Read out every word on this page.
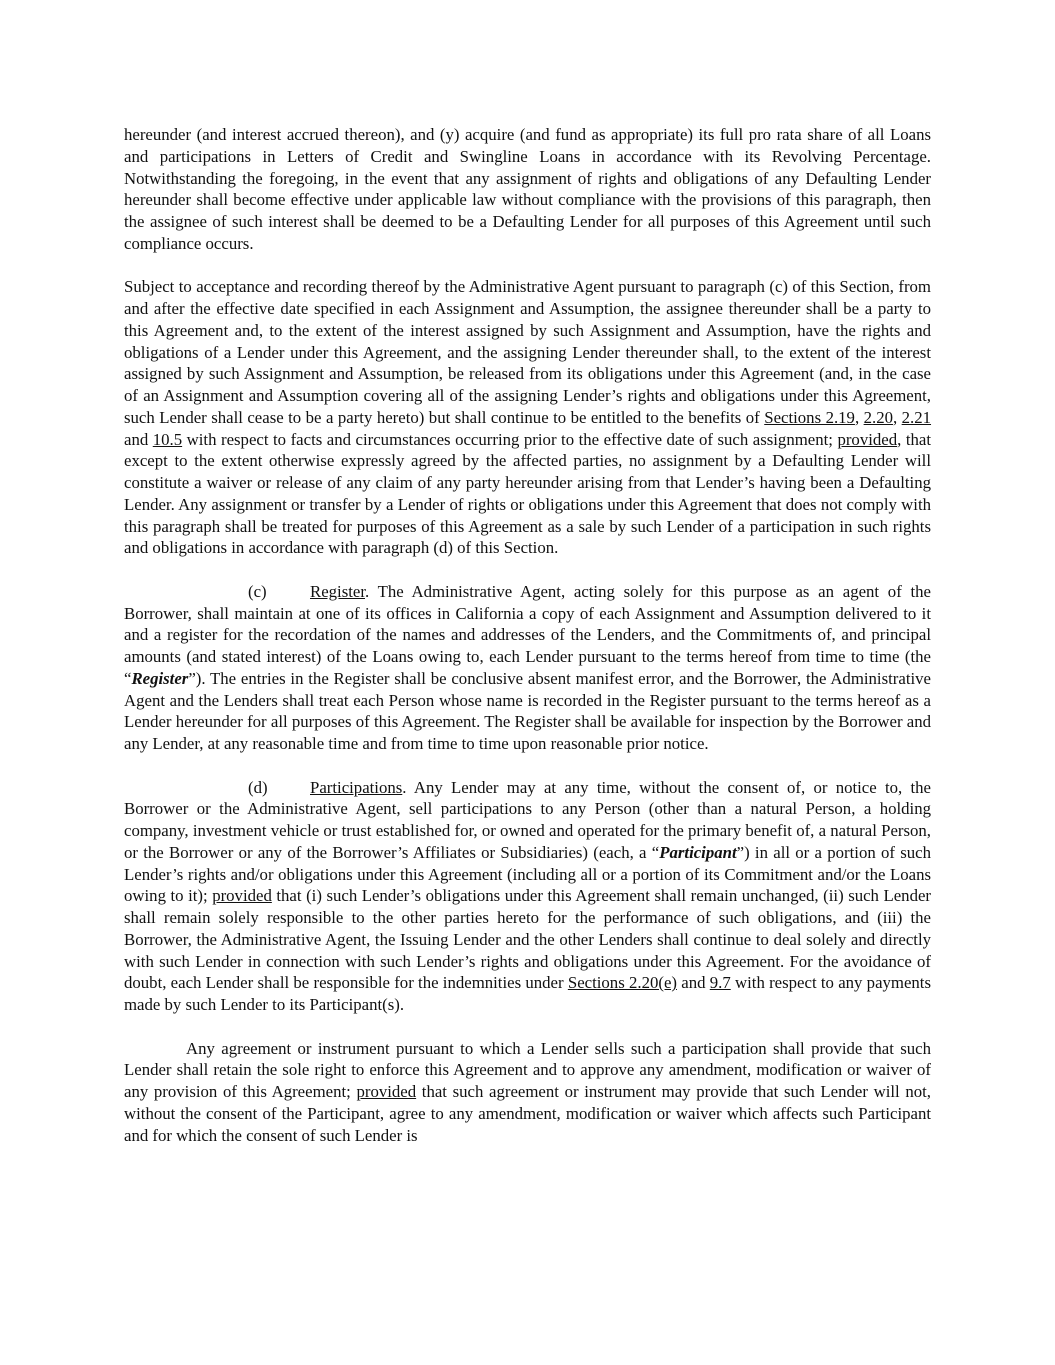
hereunder (and interest accrued thereon), and (y) acquire (and fund as appropriate) its full pro rata share of all Loans and participations in Letters of Credit and Swingline Loans in accordance with its Revolving Percentage. Notwithstanding the foregoing, in the event that any assignment of rights and obligations of any Defaulting Lender hereunder shall become effective under applicable law without compliance with the provisions of this paragraph, then the assignee of such interest shall be deemed to be a Defaulting Lender for all purposes of this Agreement until such compliance occurs.

Subject to acceptance and recording thereof by the Administrative Agent pursuant to paragraph (c) of this Section, from and after the effective date specified in each Assignment and Assumption, the assignee thereunder shall be a party to this Agreement and, to the extent of the interest assigned by such Assignment and Assumption, have the rights and obligations of a Lender under this Agreement, and the assigning Lender thereunder shall, to the extent of the interest assigned by such Assignment and Assumption, be released from its obligations under this Agreement (and, in the case of an Assignment and Assumption covering all of the assigning Lender’s rights and obligations under this Agreement, such Lender shall cease to be a party hereto) but shall continue to be entitled to the benefits of Sections 2.19, 2.20, 2.21 and 10.5 with respect to facts and circumstances occurring prior to the effective date of such assignment; provided, that except to the extent otherwise expressly agreed by the affected parties, no assignment by a Defaulting Lender will constitute a waiver or release of any claim of any party hereunder arising from that Lender’s having been a Defaulting Lender. Any assignment or transfer by a Lender of rights or obligations under this Agreement that does not comply with this paragraph shall be treated for purposes of this Agreement as a sale by such Lender of a participation in such rights and obligations in accordance with paragraph (d) of this Section.

(c)	Register. The Administrative Agent, acting solely for this purpose as an agent of the Borrower, shall maintain at one of its offices in California a copy of each Assignment and Assumption delivered to it and a register for the recordation of the names and addresses of the Lenders, and the Commitments of, and principal amounts (and stated interest) of the Loans owing to, each Lender pursuant to the terms hereof from time to time (the “Register”). The entries in the Register shall be conclusive absent manifest error, and the Borrower, the Administrative Agent and the Lenders shall treat each Person whose name is recorded in the Register pursuant to the terms hereof as a Lender hereunder for all purposes of this Agreement. The Register shall be available for inspection by the Borrower and any Lender, at any reasonable time and from time to time upon reasonable prior notice.

(d)	Participations. Any Lender may at any time, without the consent of, or notice to, the Borrower or the Administrative Agent, sell participations to any Person (other than a natural Person, a holding company, investment vehicle or trust established for, or owned and operated for the primary benefit of, a natural Person, or the Borrower or any of the Borrower’s Affiliates or Subsidiaries) (each, a “Participant”) in all or a portion of such Lender’s rights and/or obligations under this Agreement (including all or a portion of its Commitment and/or the Loans owing to it); provided that (i) such Lender’s obligations under this Agreement shall remain unchanged, (ii) such Lender shall remain solely responsible to the other parties hereto for the performance of such obligations, and (iii) the Borrower, the Administrative Agent, the Issuing Lender and the other Lenders shall continue to deal solely and directly with such Lender in connection with such Lender’s rights and obligations under this Agreement. For the avoidance of doubt, each Lender shall be responsible for the indemnities under Sections 2.20(e) and 9.7 with respect to any payments made by such Lender to its Participant(s).

Any agreement or instrument pursuant to which a Lender sells such a participation shall provide that such Lender shall retain the sole right to enforce this Agreement and to approve any amendment, modification or waiver of any provision of this Agreement; provided that such agreement or instrument may provide that such Lender will not, without the consent of the Participant, agree to any amendment, modification or waiver which affects such Participant and for which the consent of such Lender is
